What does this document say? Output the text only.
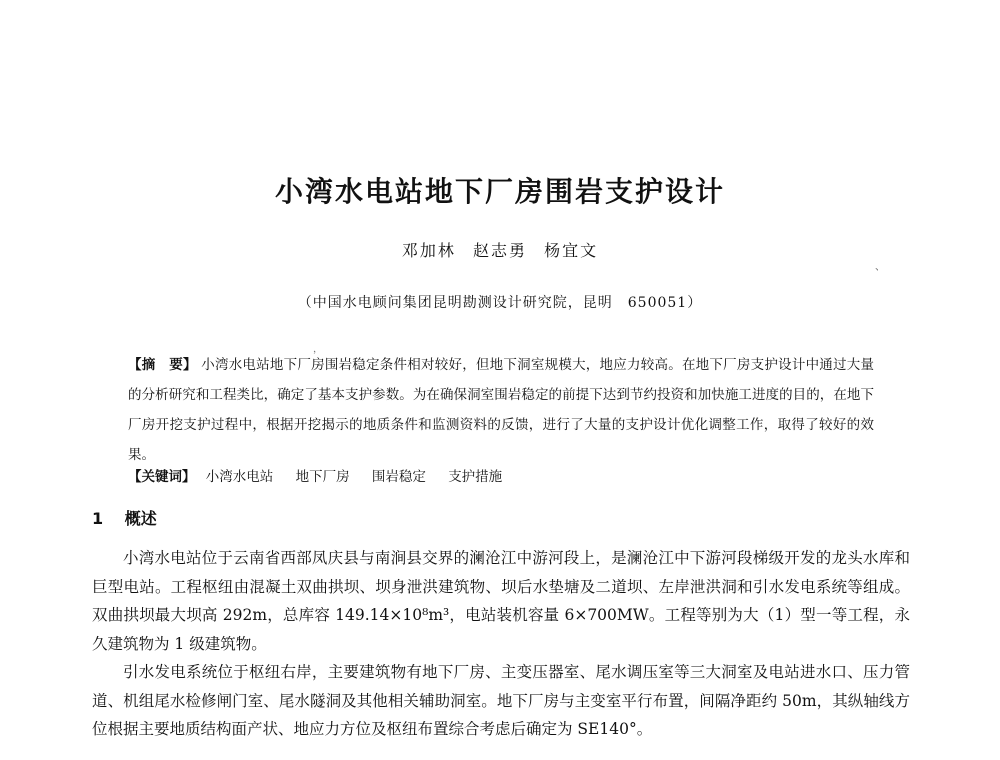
小湾水电站地下厂房围岩支护设计
邓加林 赵志勇 杨宜文
、
（中国水电顾问集团昆明勘测设计研究院，昆明　650051）
，
【摘　要】 小湾水电站地下厂房围岩稳定条件相对较好，但地下洞室规模大，地应力较高。在地下厂房支护设计中通过大量的分析研究和工程类比，确定了基本支护参数。为在确保洞室围岩稳定的前提下达到节约投资和加快施工进度的目的，在地下厂房开挖支护过程中，根据开挖揭示的地质条件和监测资料的反馈，进行了大量的支护设计优化调整工作，取得了较好的效果。
【关键词】 小湾水电站 地下厂房 围岩稳定 支护措施
1 概述

小湾水电站位于云南省西部凤庆县与南涧县交界的澜沧江中游河段上，是澜沧江中下游河段梯级开发的龙头水库和巨型电站。工程枢纽由混凝土双曲拱坝、坝身泄洪建筑物、坝后水垫塘及二道坝、左岸泄洪洞和引水发电系统等组成。双曲拱坝最大坝高 292m，总库容 149.14×10⁸m³，电站装机容量 6×700MW。工程等别为大（1）型一等工程，永久建筑物为 1 级建筑物。

引水发电系统位于枢纽右岸，主要建筑物有地下厂房、主变压器室、尾水调压室等三大洞室及电站进水口、压力管道、机组尾水检修闸门室、尾水隧洞及其他相关辅助洞室。地下厂房与主变室平行布置，间隔净距约 50m，其纵轴线方位根据主要地质结构面产状、地应力方位及枢纽布置综合考虑后确定为 SE140°。
